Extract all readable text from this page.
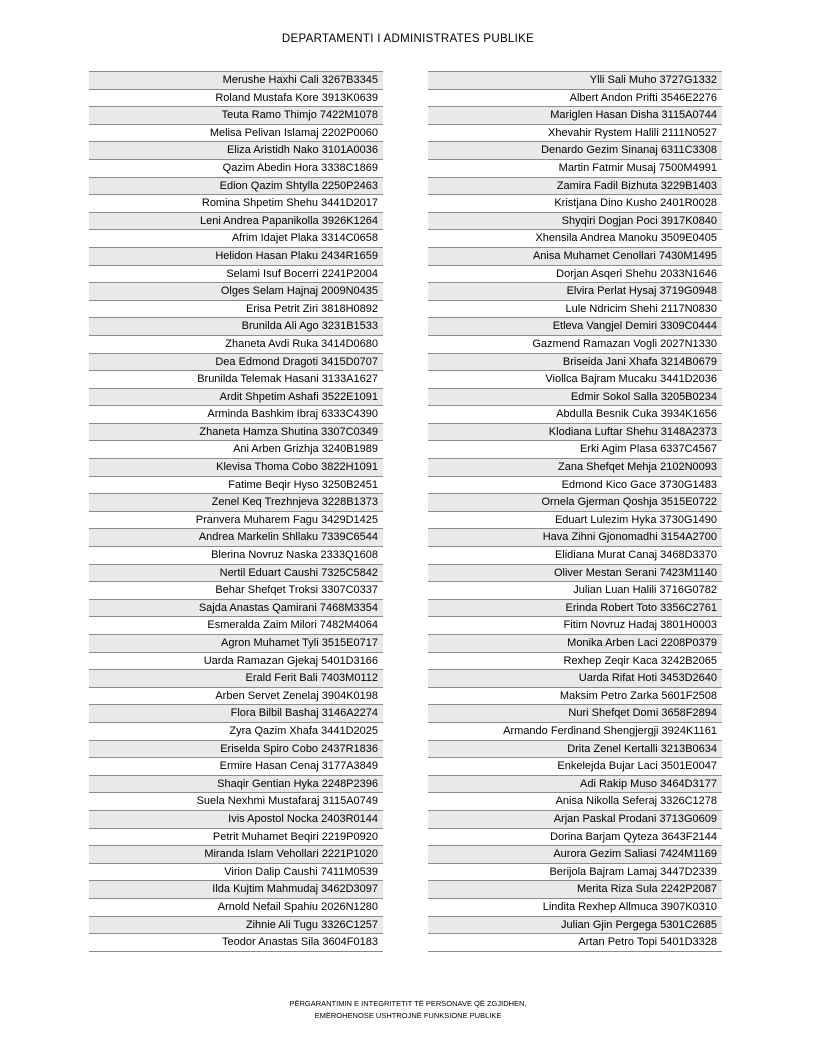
DEPARTAMENTI I ADMINISTRATES PUBLIKE
Merushe Haxhi Cali 3267B3345
Roland Mustafa Kore 3913K0639
Teuta Ramo Thimjo 7422M1078
Melisa Pelivan Islamaj 2202P0060
Eliza Aristidh Nako 3101A0036
Qazim Abedin Hora 3338C1869
Edion Qazim Shtylla 2250P2463
Romina Shpetim Shehu 3441D2017
Leni Andrea Papanikolla 3926K1264
Afrim Idajet Plaka 3314C0658
Helidon Hasan Plaku 2434R1659
Selami Isuf Bocerri 2241P2004
Olges Selam Hajnaj 2009N0435
Erisa Petrit Ziri 3818H0892
Brunilda Ali Ago 3231B1533
Zhaneta Avdi Ruka 3414D0680
Dea Edmond Dragoti 3415D0707
Brunilda Telemak Hasani 3133A1627
Ardit Shpetim Ashafi 3522E1091
Arminda Bashkim Ibraj 6333C4390
Zhaneta Hamza Shutina 3307C0349
Ani Arben Grizhja 3240B1989
Klevisa Thoma Cobo 3822H1091
Fatime Beqir Hyso 3250B2451
Zenel Keq Trezhnjeva 3228B1373
Pranvera Muharem Fagu 3429D1425
Andrea Markelin Shllaku 7339C6544
Blerina Novruz Naska 2333Q1608
Nertil Eduart Caushi 7325C5842
Behar Shefqet Troksi 3307C0337
Sajda Anastas Qamirani 7468M3354
Esmeralda Zaim Milori 7482M4064
Agron Muhamet Tyli 3515E0717
Uarda Ramazan Gjekaj 5401D3166
Erald Ferit Bali 7403M0112
Arben Servet Zenelaj 3904K0198
Flora Bilbil Bashaj 3146A2274
Zyra Qazim Xhafa 3441D2025
Eriselda Spiro Cobo 2437R1836
Ermire Hasan Cenaj 3177A3849
Shaqir Gentian Hyka 2248P2396
Suela Nexhmi Mustafaraj 3115A0749
Ivis Apostol Nocka 2403R0144
Petrit Muhamet Beqiri 2219P0920
Miranda Islam Vehollari 2221P1020
Virion Dalip Caushi 7411M0539
Ilda Kujtim Mahmudaj 3462D3097
Arnold Nefail Spahiu 2026N1280
Zihnie Ali Tugu 3326C1257
Teodor Anastas Sila 3604F0183
Ylli Sali Muho 3727G1332
Albert Andon Prifti 3546E2276
Mariglen Hasan Disha 3115A0744
Xhevahir Rystem Halili 2111N0527
Denardo Gezim Sinanaj 6311C3308
Martin Fatmir Musaj 7500M4991
Zamira Fadil Bizhuta 3229B1403
Kristjana Dino Kusho 2401R0028
Shyqiri Dogjan Poci 3917K0840
Xhensila Andrea Manoku 3509E0405
Anisa Muhamet Cenollari 7430M1495
Dorjan Asqeri Shehu 2033N1646
Elvira Perlat Hysaj 3719G0948
Lule Ndricim Shehi 2117N0830
Etleva Vangjel Demiri 3309C0444
Gazmend Ramazan Vogli 2027N1330
Briseida Jani Xhafa 3214B0679
Viollca Bajram Mucaku 3441D2036
Edmir Sokol Salla 3205B0234
Abdulla Besnik Cuka 3934K1656
Klodiana Luftar Shehu 3148A2373
Erki Agim Plasa 6337C4567
Zana Shefqet Mehja 2102N0093
Edmond Kico Gace 3730G1483
Ornela Gjerman Qoshja 3515E0722
Eduart Lulezim Hyka 3730G1490
Hava Zihni Gjonomadhi 3154A2700
Elidiana Murat Canaj 3468D3370
Oliver Mestan Serani 7423M1140
Julian Luan Halili 3716G0782
Erinda Robert Toto 3356C2761
Fitim Novruz Hadaj 3801H0003
Monika Arben Laci 2208P0379
Rexhep Zeqir Kaca 3242B2065
Uarda Rifat Hoti 3453D2640
Maksim Petro Zarka 5601F2508
Nuri Shefqet Domi 3658F2894
Armando Ferdinand Shengjergji 3924K1161
Drita Zenel Kertalli 3213B0634
Enkelejda Bujar Laci 3501E0047
Adi Rakip Muso 3464D3177
Anisa Nikolla Seferaj 3326C1278
Arjan Paskal Prodani 3713G0609
Dorina Barjam Qyteza 3643F2144
Aurora Gezim Saliasi 7424M1169
Berijola Bajram Lamaj 3447D2339
Merita Riza Sula 2242P2087
Lindita Rexhep Allmuca 3907K0310
Julian Gjin Pergega 5301C2685
Artan Petro Topi 5401D3328
PËRGARANTIMIN E INTEGRITETIT TË PERSONAVE QË ZGJIDHEN,
EMËROHENOSE USHTROJNË FUNKSIONE PUBLIKE
